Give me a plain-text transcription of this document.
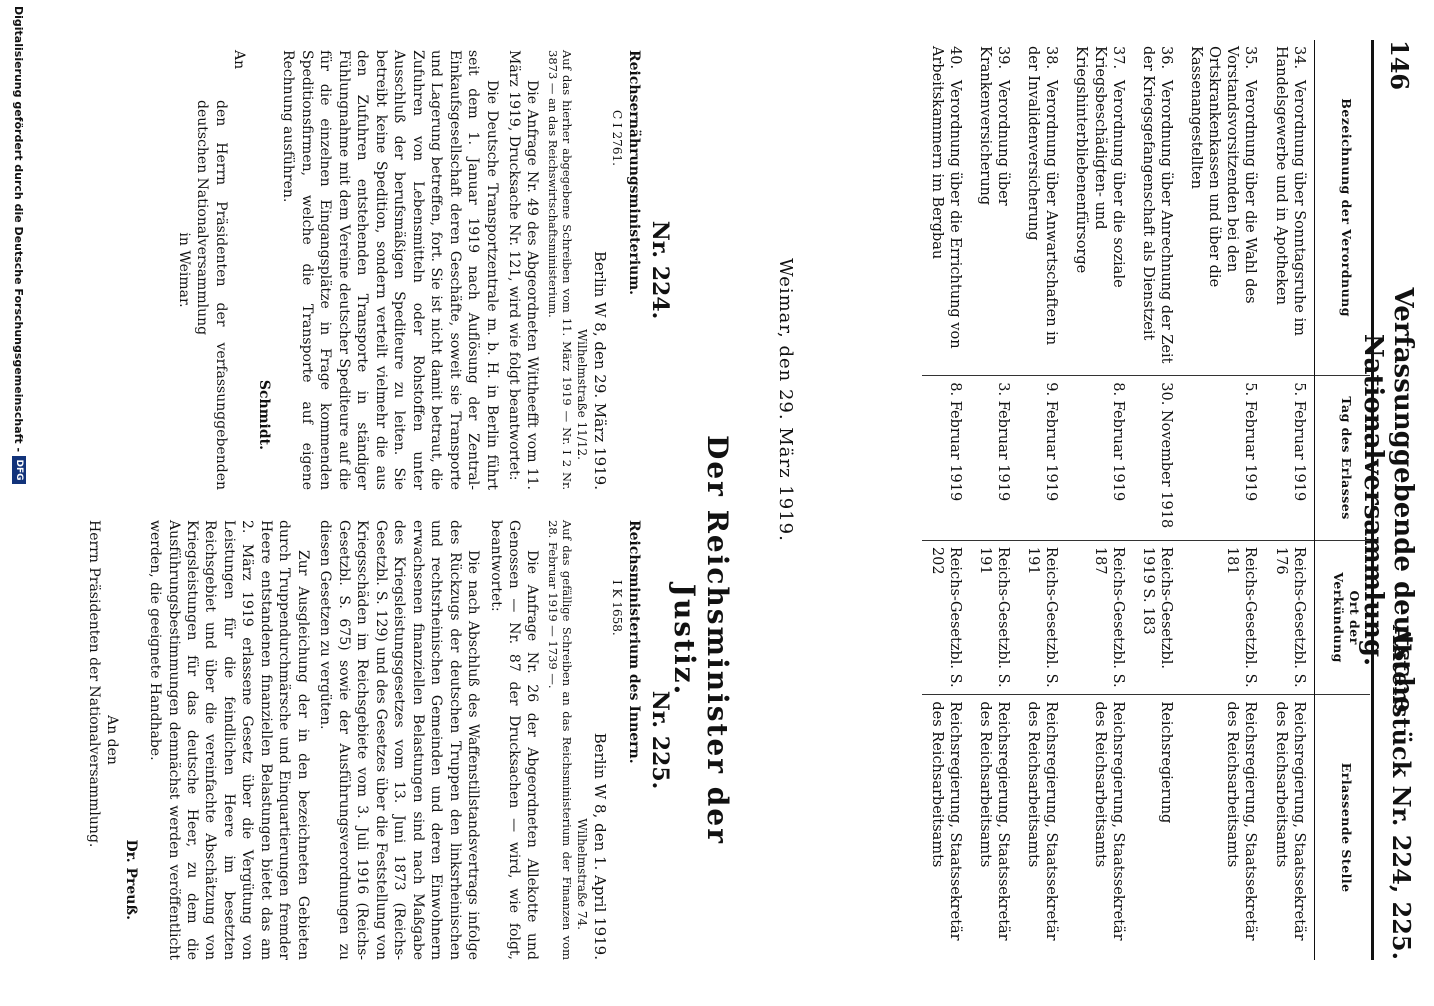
146
Verfassunggebende deutsche Nationalversammlung.
Aktenstück Nr. 224, 225.
Bezeichnung der Verordnung	Tag des Erlasses	Ort der Verkündung	Erlassende Stelle
34.Verordnung über Sonntagsruhe im Handelsgewerbe und in Apotheken	5. Februar 1919	Reichs-Gesetzbl. S. 176	Reichsregierung, Staatssekretär des Reichsarbeitsamts
35.Verordnung über die Wahl des Vorstandsvorsitzenden bei den Ortskrankenkassen und über die Kassenangestellten	5. Februar 1919	Reichs-Gesetzbl. S. 181	Reichsregierung, Staatssekretär des Reichsarbeitsamts
36.Verordnung über Anrechnung der Zeit der Kriegsgefangenschaft als Dienstzeit	30. November 1918	Reichs-Gesetzbl. 1919 S. 183	Reichsregierung
37.Verordnung über die soziale Kriegsbeschädigten- und Kriegshinterbliebenenfürsorge	8. Februar 1919	Reichs-Gesetzbl. S. 187	Reichsregierung, Staatssekretär des Reichsarbeitsamts
38.Verordnung über Anwartschaften in der Invalidenversicherung	9. Februar 1919	Reichs-Gesetzbl. S. 191	Reichsregierung, Staatssekretär des Reichsarbeitsamts
39.Verordnung über Krankenversicherung	3. Februar 1919	Reichs-Gesetzbl. S. 191	Reichsregierung, Staatssekretär des Reichsarbeitsamts
40.Verordnung über die Errichtung von Arbeitskammern im Bergbau	8. Februar 1919	Reichs-Gesetzbl. S. 202	Reichsregierung, Staatssekretär des Reichsarbeitsamts
Weimar, den 29. März 1919.
Der Reichsminister der Justiz.
Nr. 224.
Reichsernährungsministerium.
C I 2761.
Berlin W 8, den 29. März 1919.
Wilhelmstraße 11/12.
Auf das hierher abgegebene Schreiben vom 11. März 1919 — Nr. I 2 Nr. 3873 — an das Reichswirtschaftsministerium.

Die Anfrage Nr. 49 des Abgeordneten Wittheefft vom 11. März 1919, Drucksache Nr. 121, wird wie folgt beantwortet:

Die Deutsche Transportzentrale m. b. H. in Berlin führt seit dem 1. Januar 1919 nach Auflösung der Zentral-Einkaufsgesellschaft deren Geschäfte, soweit sie Transporte und Lagerung betreffen, fort. Sie ist nicht damit betraut, die Zufuhren von Lebensmitteln oder Rohstoffen unter Ausschluß der berufsmäßigen Spediteure zu leiten. Sie betreibt keine Spedition, sondern verteilt vielmehr die aus den Zufuhren entstehenden Transporte in ständiger Fühlungnahme mit dem Vereine deutscher Spediteure auf die für die einzelnen Eingangsplätze in Frage kommenden Speditionsfirmen, welche die Transporte auf eigene Rechnung ausführen.

Schmidt.
An
den Herrn Präsidenten der verfassunggebenden deutschen Nationalversammlung
in Weimar.
Nr. 225.
Reichsministerium des Innern.
I K 1658.
Berlin W 8, den 1. April 1919.
Wilhelmstraße 74.
Auf das gefällige Schreiben an das Reichsministerium der Finanzen vom 28. Februar 1919 — 1739 —.

Die Anfrage Nr. 26 der Abgeordneten Allekotte und Genossen — Nr. 87 der Drucksachen — wird, wie folgt, beantwortet:

Die nach Abschluß des Waffenstillstandsvertrags infolge des Rückzugs der deutschen Truppen den linksrheinischen und rechtsrheinischen Gemeinden und deren Einwohnern erwachsenen finanziellen Belastungen sind nach Maßgabe des Kriegsleistungsgesetzes vom 13. Juni 1873 (Reichs-Gesetzbl. S. 129) und des Gesetzes über die Feststellung von Kriegsschäden im Reichsgebiete vom 3. Juli 1916 (Reichs-Gesetzbl. S. 675) sowie der Ausführungsverordnungen zu diesen Gesetzen zu vergüten.

Zur Ausgleichung der in den bezeichneten Gebieten durch Truppendurchmärsche und Einquartierungen fremder Heere entstandenen finanziellen Belastungen bietet das am 2. März 1919 erlassene Gesetz über die Vergütung von Leistungen für die feindlichen Heere im besetzten Reichsgebiet und über die vereinfachte Abschätzung von Kriegsleistungen für das deutsche Heer, zu dem die Ausführungsbestimmungen demnächst werden veröffentlicht werden, die geeignete Handhabe.

Dr. Preuß.
An den
Herrn Präsidenten der Nationalversammlung.
Digitalisierung gefördert durch die Deutsche Forschungsgemeinschaft -
DFG
